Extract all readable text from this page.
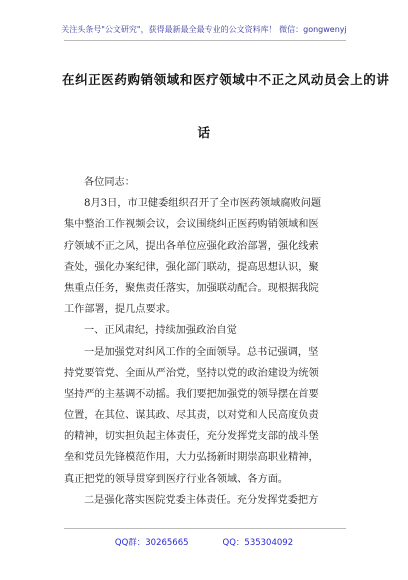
关注头条号"公文研究"，获得最新最全最专业的公文资料库！ 微信：gongwenyj
在纠正医药购销领域和医疗领域中不正之风动员会上的讲
话
各位同志：
8月3日，市卫健委组织召开了全市医药领域腐败问题
集中整治工作视频会议，会议围绕纠正医药购销领域和医
疗领域不正之风，提出各单位应强化政治部署，强化线索
查处，强化办案纪律，强化部门联动，提高思想认识，聚
焦重点任务，聚焦责任落实，加强联动配合。现根据我院
工作部署，提几点要求。
一、正风肃纪，持续加强政治自觉
一是加强党对纠风工作的全面领导。总书记强调，坚
持党要管党、全面从严治党，坚持以党的政治建设为统领
坚持严的主基调不动摇。我们要把加强党的领导摆在首要
位置，在其位、谋其政、尽其责，以对党和人民高度负责
的精神，切实担负起主体责任，充分发挥党支部的战斗堡
垒和党员先锋模范作用，大力弘扬新时期崇高职业精神，
真正把党的领导贯穿到医疗行业各领域、各方面。
二是强化落实医院党委主体责任。充分发挥党委把方
QQ群：30265665	QQ：535304092
